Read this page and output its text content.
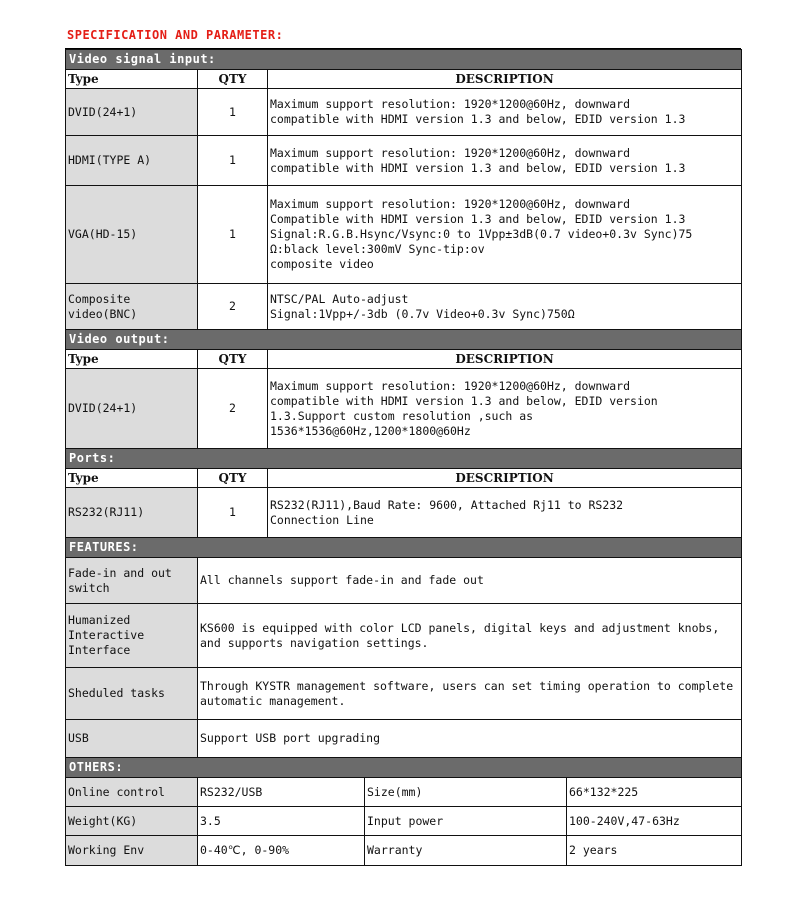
SPECIFICATION AND PARAMETER:
Video signal input:				
Type	QTY	DESCRIPTION		
DVID(24+1)	1	Maximum support resolution: 1920*1200@60Hz, downward
compatible with HDMI version 1.3 and below, EDID version 1.3		

HDMI(TYPE A)	1	Maximum support resolution: 1920*1200@60Hz, downward
compatible with HDMI version 1.3 and below, EDID version 1.3		

VGA(HD-15)	1	Maximum support resolution: 1920*1200@60Hz, downward
Compatible with HDMI version 1.3 and below, EDID version 1.3
Signal:R.G.B.Hsync/Vsync:0 to 1Vpp±3dB(0.7 video+0.3v Sync)75
Ω:black level:300mV Sync-tip:ov
composite video		

Composite video(BNC)	2	NTSC/PAL Auto-adjust
Signal:1Vpp+/-3db (0.7v Video+0.3v Sync)750Ω		

Video output:				
Type	QTY	DESCRIPTION		
DVID(24+1)	2	Maximum support resolution: 1920*1200@60Hz, downward
compatible with HDMI version 1.3 and below, EDID version
1.3.Support custom resolution ,such as
1536*1536@60Hz,1200*1800@60Hz		

Ports:				
Type	QTY	DESCRIPTION		
RS232(RJ11)	1	RS232(RJ11),Baud Rate: 9600, Attached Rj11 to RS232
Connection Line		

FEATURES:				
Fade-in and out switch	All channels support fade-in and fade out			
Humanized Interactive Interface	KS600 is equipped with color LCD panels, digital keys and adjustment knobs, and supports navigation settings.			
Sheduled tasks	Through KYSTR management software, users can set timing operation to complete automatic management.			
USB	Support USB port upgrading			
OTHERS:				
Online control	RS232/USB		Size(mm)	66*132*225
Weight(KG)	3.5		Input power	100-240V,47-63Hz
Working Env	0-40℃, 0-90%		Warranty	2 years
